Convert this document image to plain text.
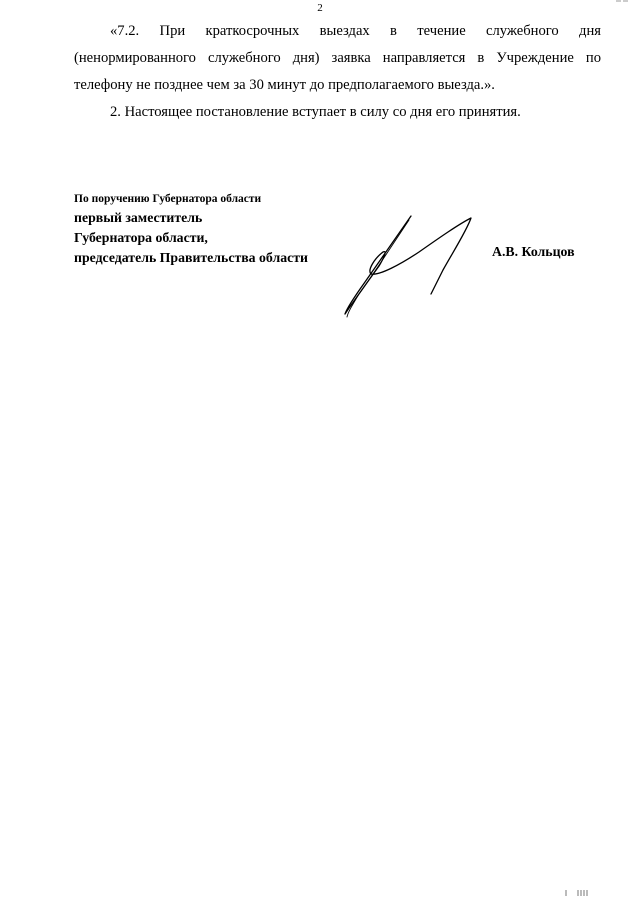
2

«7.2. При краткосрочных выездах в течение служебного дня (ненормированного служебного дня) заявка направляется в Учреждение по телефону не позднее чем за 30 минут до предполагаемого выезда.».

2. Настоящее постановление вступает в силу со дня его принятия.

По поручению Губернатора области
первый заместитель
Губернатора области,
председатель Правительства области	А.В. Кольцов
